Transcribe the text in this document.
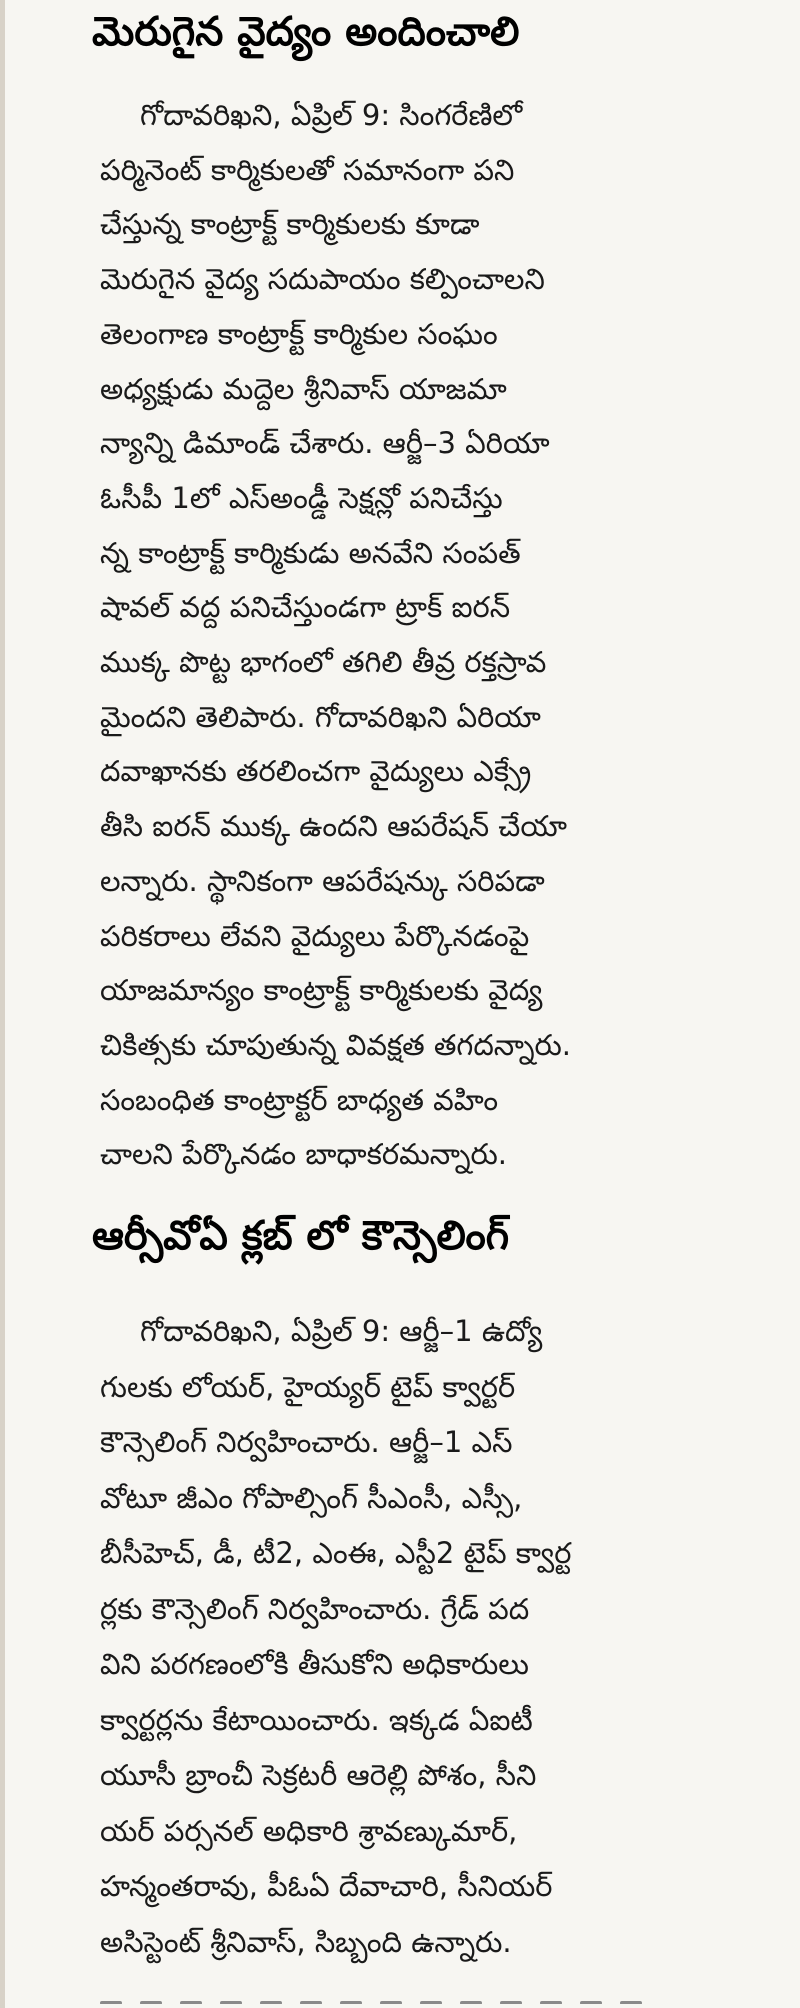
మెరుగైన వైద్యం అందించాలి
గోదావరిఖని, ఏప్రిల్ 9: సింగరేణిలో
పర్మినెంట్ కార్మికులతో సమానంగా పని
చేస్తున్న కాంట్రాక్ట్ కార్మికులకు కూడా
మెరుగైన వైద్య సదుపాయం కల్పించాలని
తెలంగాణ కాంట్రాక్ట్ కార్మికుల సంఘం
అధ్యక్షుడు మద్దెల శ్రీనివాస్ యాజమా
న్యాన్ని డిమాండ్ చేశారు. ఆర్జీ–3 ఏరియా
ఓసీపీ 1లో ఎస్అండ్డీ సెక్షన్లో పనిచేస్తు
న్న కాంట్రాక్ట్ కార్మికుడు అనవేని సంపత్
షావల్ వద్ద పనిచేస్తుండగా ట్రాక్ ఐరన్
ముక్క పొట్ట భాగంలో తగిలి తీవ్ర రక్తస్రావ
మైందని తెలిపారు. గోదావరిఖని ఏరియా
దవాఖానకు తరలించగా వైద్యులు ఎక్స్రే
తీసి ఐరన్ ముక్క ఉందని ఆపరేషన్ చేయా
లన్నారు. స్థానికంగా ఆపరేషన్కు సరిపడా
పరికరాలు లేవని వైద్యులు పేర్కొనడంపై
యాజమాన్యం కాంట్రాక్ట్ కార్మికులకు వైద్య
చికిత్సకు చూపుతున్న వివక్షత తగదన్నారు.
సంబంధిత కాంట్రాక్టర్ బాధ్యత వహిం
చాలని పేర్కొనడం బాధాకరమన్నారు.
ఆర్సీవోఏ క్లబ్ లో కౌన్సెలింగ్
గోదావరిఖని, ఏప్రిల్ 9: ఆర్జీ–1 ఉద్యో
గులకు లోయర్, హైయ్యర్ టైప్ క్వార్టర్
కౌన్సెలింగ్ నిర్వహించారు. ఆర్జీ–1 ఎస్
వోటూ జీఎం గోపాల్సింగ్ సీఎంసీ, ఎస్సీ,
బీసీహెచ్, డీ, టీ2, ఎంఈ, ఎస్టీ2 టైప్ క్వార్ట
ర్లకు కౌన్సెలింగ్ నిర్వహించారు. గ్రేడ్ పద
విని పరగణంలోకి తీసుకోని అధికారులు
క్వార్టర్లను కేటాయించారు. ఇక్కడ ఏఐటీ
యూసీ బ్రాంచీ సెక్రటరీ ఆరెల్లి పోశం, సీని
యర్ పర్సనల్ అధికారి శ్రావణ్కుమార్,
హన్మంతరావు, పీఓఏ దేవాచారి, సీనియర్
అసిస్టెంట్ శ్రీనివాస్, సిబ్బంది ఉన్నారు.
